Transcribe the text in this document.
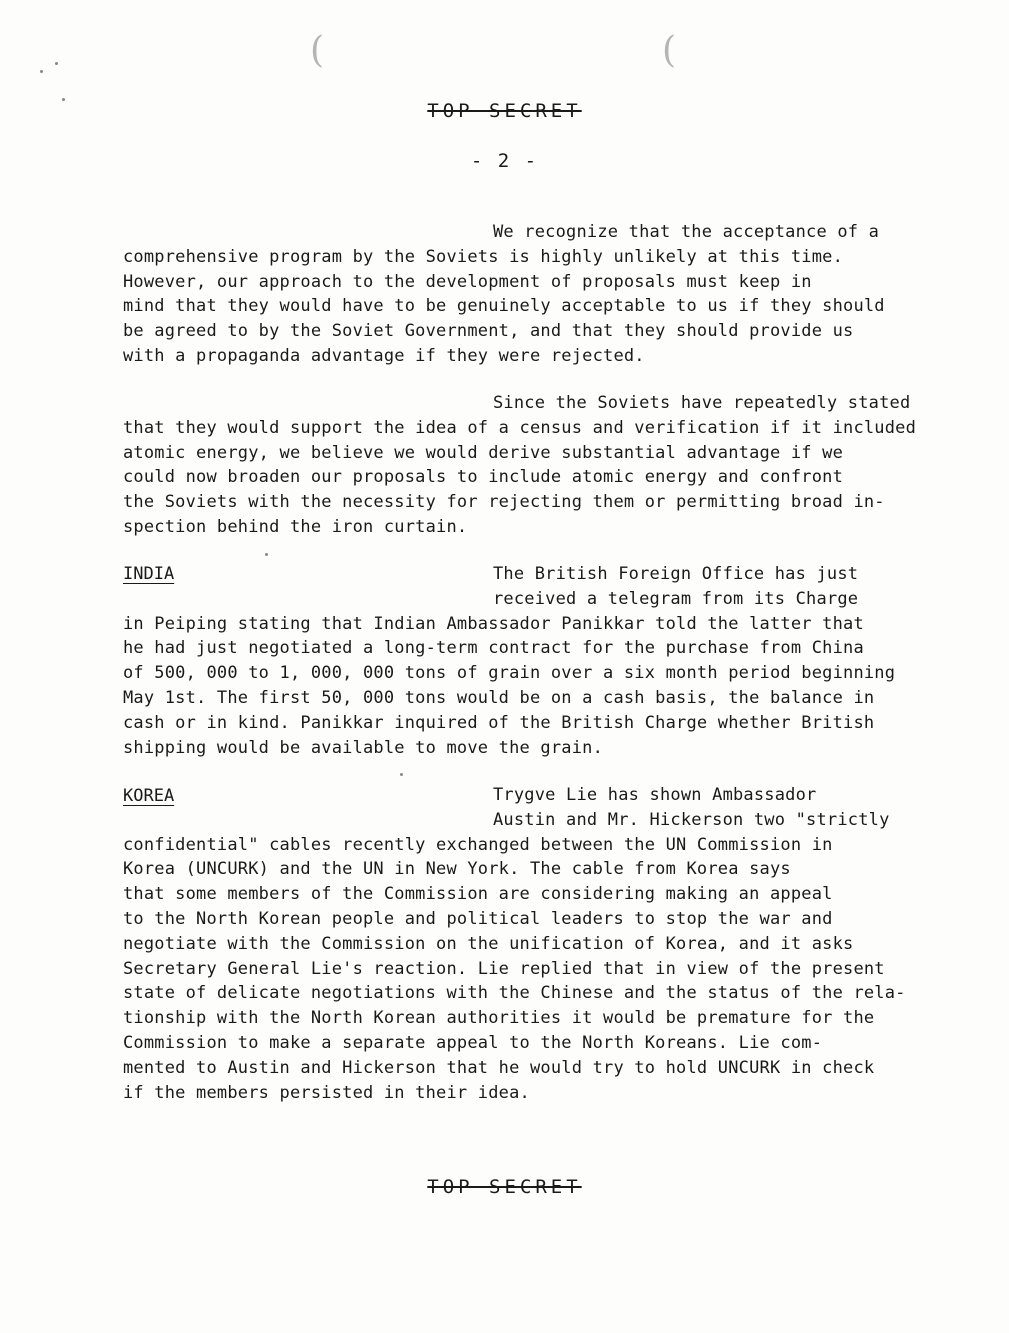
(	(
TOP SECRET
- 2 -
We recognize that the acceptance of a
comprehensive program by the Soviets is highly unlikely at this time.
However, our approach to the development of proposals must keep in
mind that they would have to be genuinely acceptable to us if they should
be agreed to by the Soviet Government, and that they should provide us
with a propaganda advantage if they were rejected.
Since the Soviets have repeatedly stated
that they would support the idea of a census and verification if it included
atomic energy, we believe we would derive substantial advantage if we
could now broaden our proposals to include atomic energy and confront
the Soviets with the necessity for rejecting them or permitting broad in-
spection behind the iron curtain.
INDIA	The British Foreign Office has just
received a telegram from its Charge
in Peiping stating that Indian Ambassador Panikkar told the latter that
he had just negotiated a long-term contract for the purchase from China
of 500, 000 to 1, 000, 000 tons of grain over a six month period beginning
May 1st. The first 50, 000 tons would be on a cash basis, the balance in
cash or in kind. Panikkar inquired of the British Charge whether British
shipping would be available to move the grain.
KOREA	Trygve Lie has shown Ambassador
Austin and Mr. Hickerson two "strictly
confidential" cables recently exchanged between the UN Commission in
Korea (UNCURK) and the UN in New York. The cable from Korea says
that some members of the Commission are considering making an appeal
to the North Korean people and political leaders to stop the war and
negotiate with the Commission on the unification of Korea, and it asks
Secretary General Lie's reaction. Lie replied that in view of the present
state of delicate negotiations with the Chinese and the status of the rela-
tionship with the North Korean authorities it would be premature for the
Commission to make a separate appeal to the North Koreans. Lie com-
mented to Austin and Hickerson that he would try to hold UNCURK in check
if the members persisted in their idea.
TOP SECRET
